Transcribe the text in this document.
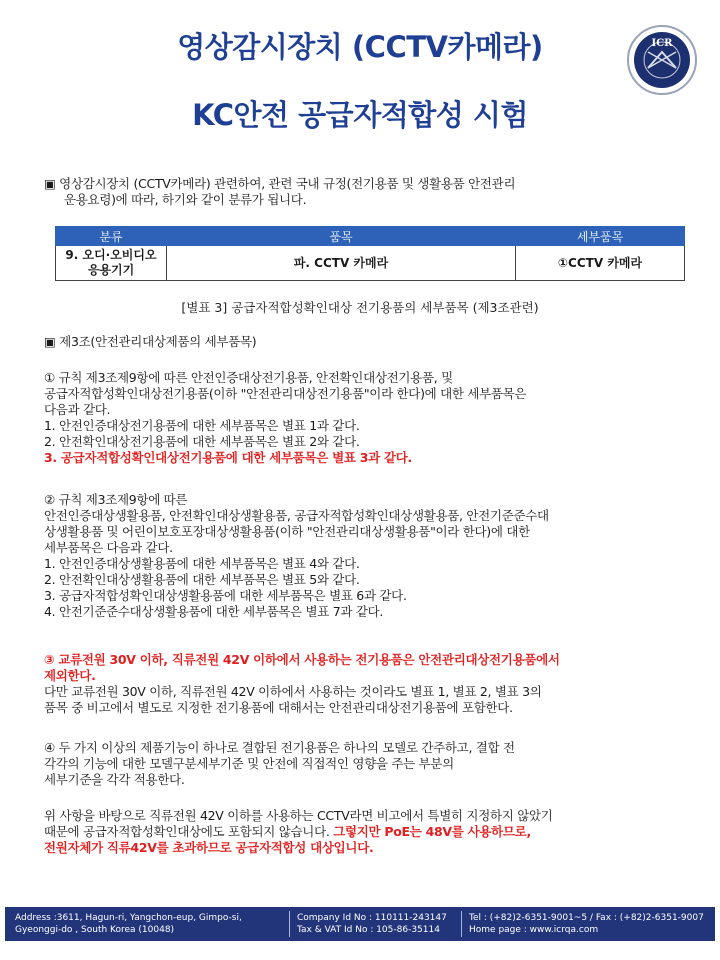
영상감시장치 (CCTV카메라)
KC안전 공급자적합성 시험
ICR
▣ 영상감시장치 (CCTV카메라) 관련하여, 관련 국내 규정(전기용품 및 생활용품 안전관리
운용요령)에 따라, 하기와 같이 분류가 됩니다.
분류	품목	세부품목

9. 오디·오비디오
응용기기	파. CCTV 카메라	①CCTV 카메라

[별표 3] 공급자적합성확인대상 전기용품의 세부품목 (제3조관련)

▣ 제3조(안전관리대상제품의 세부품목)
① 규칙 제3조제9항에 따른 안전인증대상전기용품, 안전확인대상전기용품, 및
공급자적합성확인대상전기용품(이하 "안전관리대상전기용품"이라 한다)에 대한 세부품목은
다음과 같다.
1. 안전인증대상전기용품에 대한 세부품목은 별표 1과 같다.
2. 안전확인대상전기용품에 대한 세부품목은 별표 2와 같다.
3. 공급자적합성확인대상전기용품에 대한 세부품목은 별표 3과 같다.
② 규칙 제3조제9항에 따른
안전인증대상생활용품, 안전확인대상생활용품, 공급자적합성확인대상생활용품, 안전기준준수대
상생활용품 및 어린이보호포장대상생활용품(이하 "안전관리대상생활용품"이라 한다)에 대한
세부품목은 다음과 같다.
1. 안전인증대상생활용품에 대한 세부품목은 별표 4와 같다.
2. 안전확인대상생활용품에 대한 세부품목은 별표 5와 같다.
3. 공급자적합성확인대상생활용품에 대한 세부품목은 별표 6과 같다.
4. 안전기준준수대상생활용품에 대한 세부품목은 별표 7과 같다.
③ 교류전원 30V 이하, 직류전원 42V 이하에서 사용하는 전기용품은 안전관리대상전기용품에서
제외한다.
다만 교류전원 30V 이하, 직류전원 42V 이하에서 사용하는 것이라도 별표 1, 별표 2, 별표 3의
품목 중 비고에서 별도로 지정한 전기용품에 대해서는 안전관리대상전기용품에 포함한다.
④ 두 가지 이상의 제품기능이 하나로 결합된 전기용품은 하나의 모델로 간주하고, 결합 전
각각의 기능에 대한 모델구분세부기준 및 안전에 직접적인 영향을 주는 부분의
세부기준을 각각 적용한다.
위 사항을 바탕으로 직류전원 42V 이하를 사용하는 CCTV라면 비고에서 특별히 지정하지 않았기
때문에 공급자적합성확인대상에도 포함되지 않습니다. 그렇지만 PoE는 48V를 사용하므로,
전원자체가 직류42V를 초과하므로 공급자적합성 대상입니다.
Address :3611, Hagun-ri, Yangchon-eup, Gimpo-si,
Gyeonggi-do , South Korea (10048)
Company Id No : 110111-243147
Tax & VAT Id No : 105-86-35114
Tel : (+82)2-6351-9001~5 / Fax : (+82)2-6351-9007
Home page : www.icrqa.com
